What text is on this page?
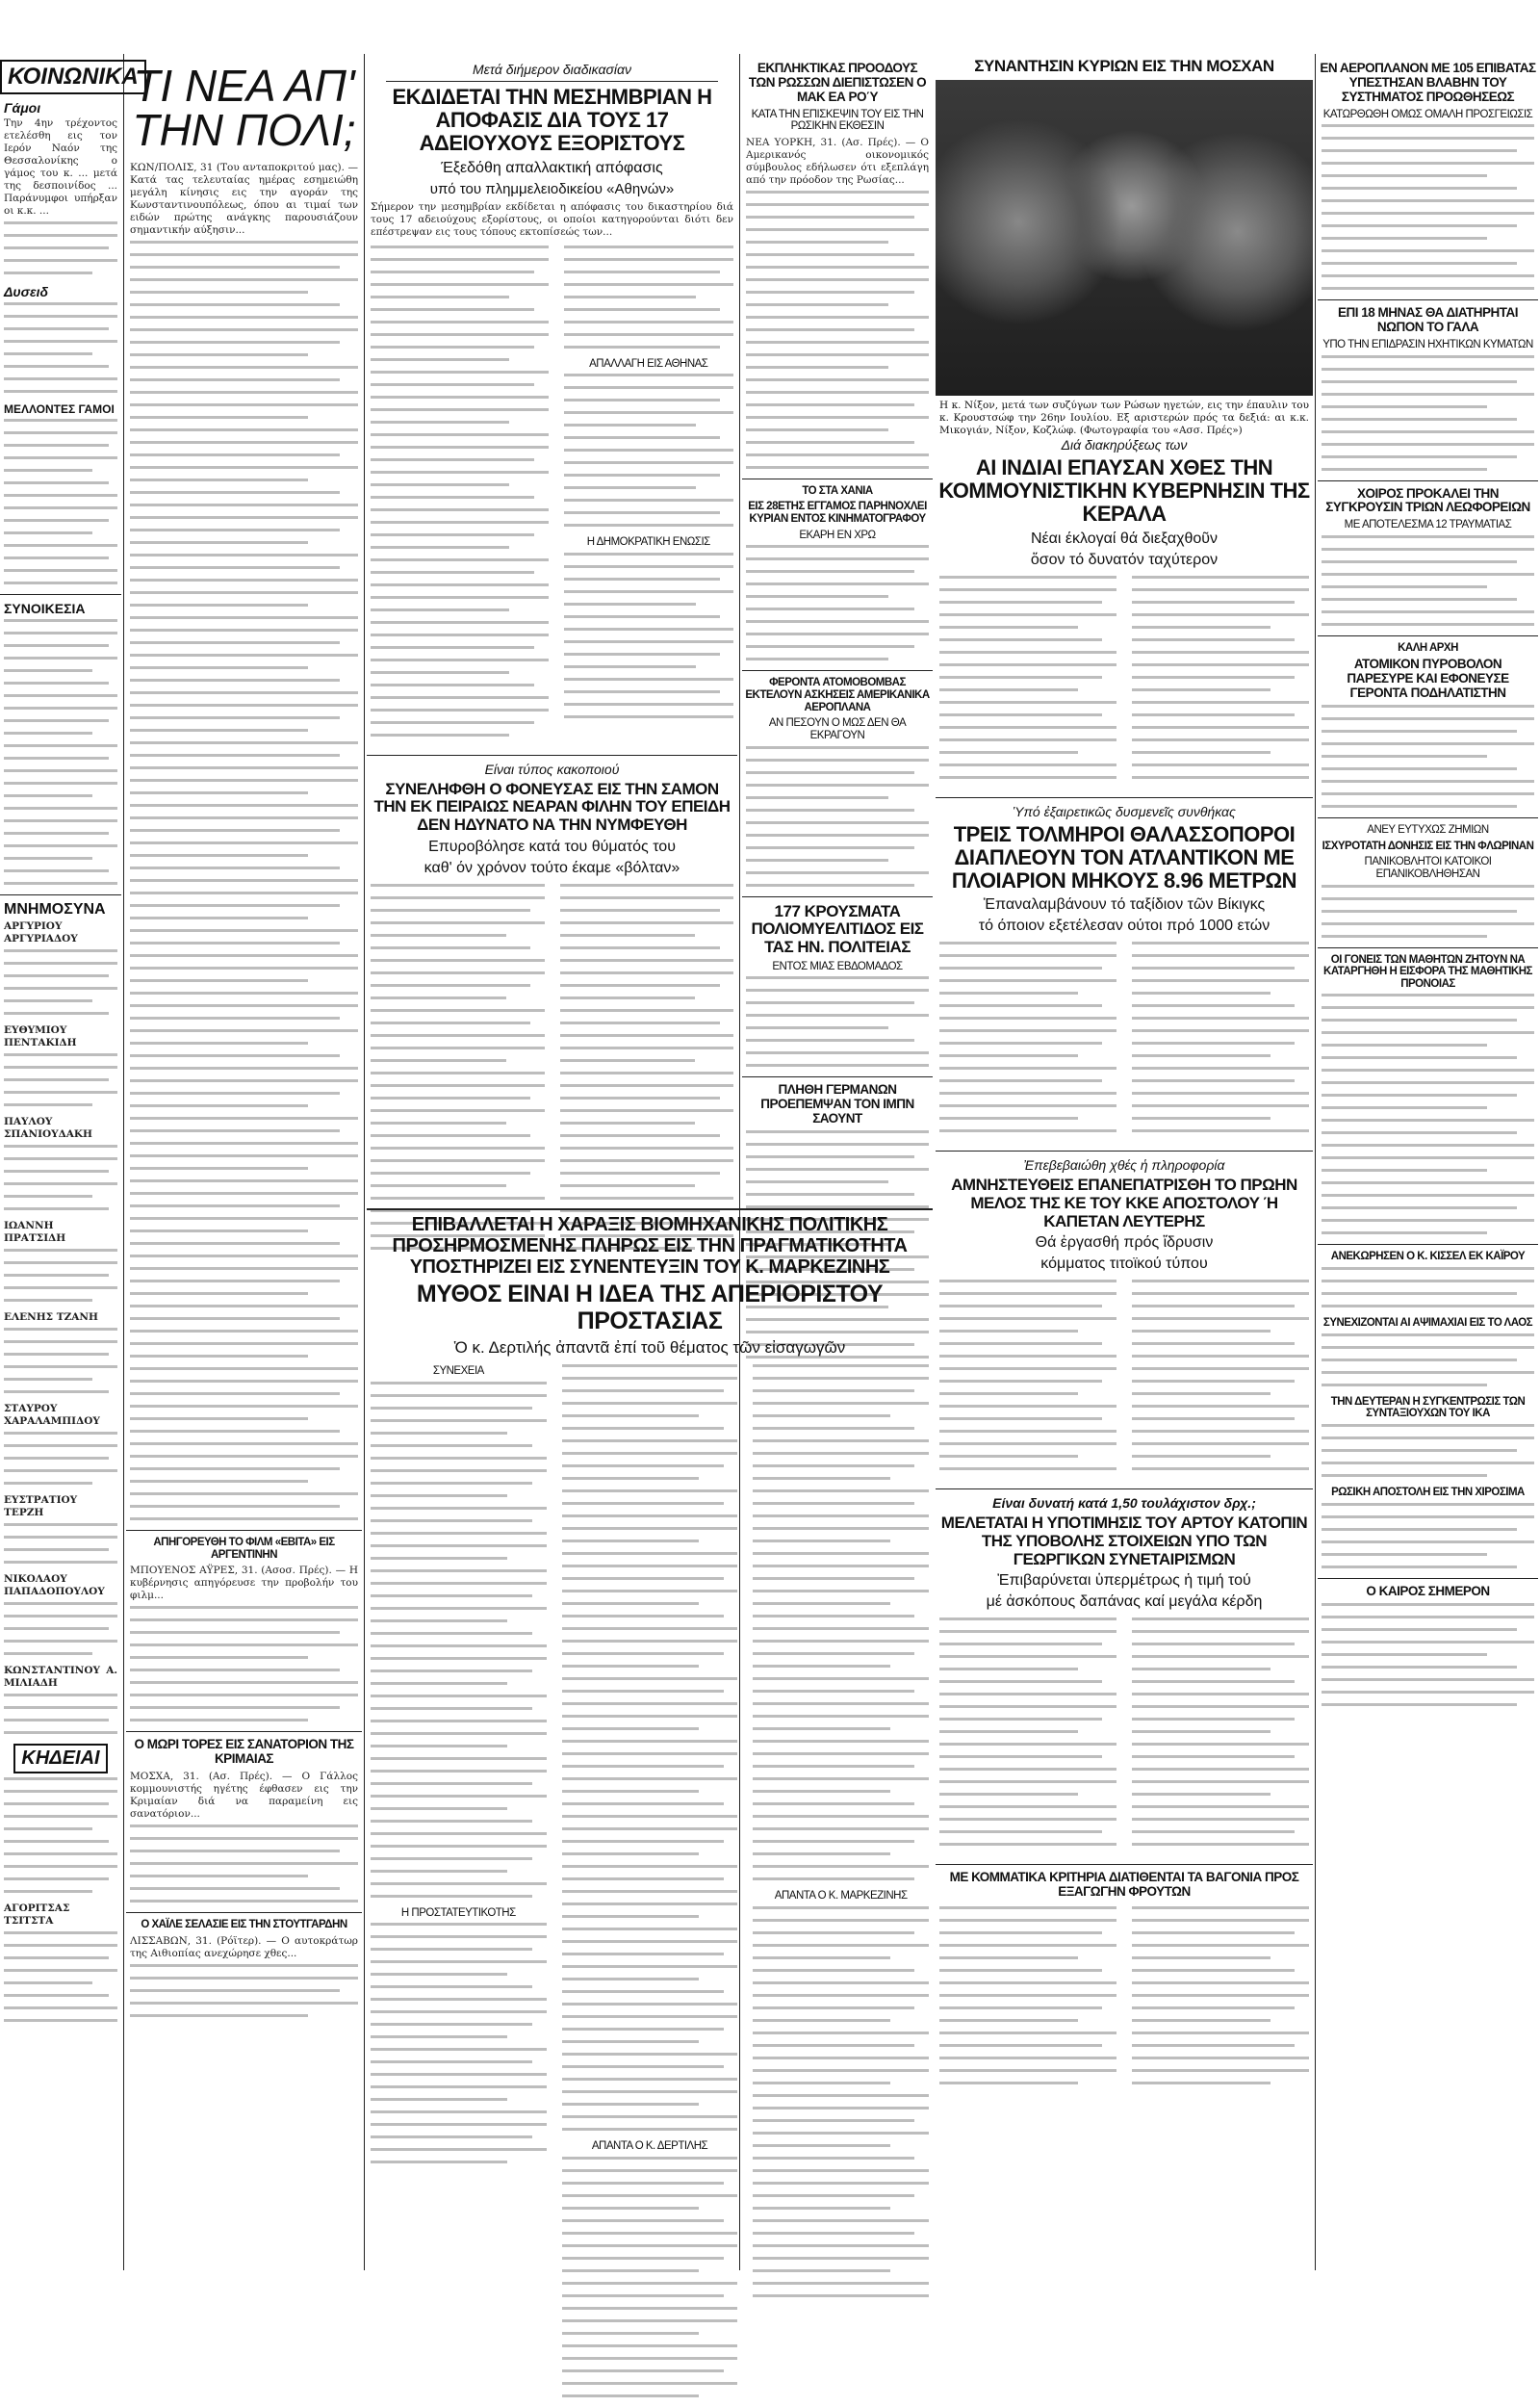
ΚΟΙΝΩΝΙΚΑ
Γάμοι
Την 4ην τρέχοντος ετελέσθη εις τον Ιερόν Ναόν της Θεσσαλονίκης ο γάμος του κ. ... μετά της δεσποινίδος ... Παράνυμφοι υπήρξαν οι κ.κ. ...
Δυσειδ
ΜΕΛΛΟΝΤΕΣ ΓΑΜΟΙ
ΣΥΝΟΙΚΕΣΙΑ
ΜΝΗΜΟΣΥΝΑ
ΑΡΓΥΡΙΟΥ ΑΡΓΥΡΙΑΔΟΥ
ΕΥΘΥΜΙΟΥ ΠΕΝΤΑΚΙΔΗ
ΠΑΥΛΟΥ ΣΠΑΝΙΟΥΔΑΚΗ
ΙΩΑΝΝΗ ΠΡΑΤΣΙΔΗ
ΕΛΕΝΗΣ ΤΖΑΝΗ
ΣΤΑΥΡΟΥ ΧΑΡΑΛΑΜΠΙΔΟΥ
ΕΥΣΤΡΑΤΙΟΥ ΤΕΡΖΗ
ΝΙΚΟΛΑΟΥ ΠΑΠΑΔΟΠΟΥΛΟΥ
ΚΩΝΣΤΑΝΤΙΝΟΥ Α. ΜΙΛΙΑΔΗ
ΚΗΔΕΙΑΙ
ΑΓΟΡΙΤΣΑΣ ΤΣΙΤΣΤΑ
ΤΙ ΝΕΑ ΑΠ' ΤΗΝ ΠΟΛΙ;
ΚΩΝ/ΠΟΛΙΣ, 31 (Του ανταποκριτού μας). — Κατά τας τελευταίας ημέρας εσημειώθη μεγάλη κίνησις εις την αγοράν της Κωνσταντινουπόλεως, όπου αι τιμαί των ειδών πρώτης ανάγκης παρουσιάζουν σημαντικήν αύξησιν...
ΑΠΗΓΟΡΕΥΘΗ ΤΟ ΦΙΛΜ «ΕΒΙΤΑ» ΕΙΣ ΑΡΓΕΝΤΙΝΗΝ
ΜΠΟΥΕΝΟΣ ΑΫΡΕΣ, 31. (Ασοσ. Πρές). — Η κυβέρνησις απηγόρευσε την προβολήν του φιλμ...
Ο ΜΩΡΙ ΤΟΡΕΣ ΕΙΣ ΣΑΝΑΤΟΡΙΟΝ ΤΗΣ ΚΡΙΜΑΙΑΣ
ΜΟΣΧΑ, 31. (Ασ. Πρές). — Ο Γάλλος κομμουνιστής ηγέτης έφθασεν εις την Κριμαίαν διά να παραμείνη εις σανατόριον...
Ο ΧΑΪΛΕ ΣΕΛΑΣΙΕ ΕΙΣ ΤΗΝ ΣΤΟΥΤΓΑΡΔΗΝ
ΛΙΣΣΑΒΩΝ, 31. (Ρόϊτερ). — Ο αυτοκράτωρ της Αιθιοπίας ανεχώρησε χθες...
Μετά διήμερον διαδικασίαν
ΕΚΔΙΔΕΤΑΙ ΤΗΝ ΜΕΣΗΜΒΡΙΑΝ Η ΑΠΟΦΑΣΙΣ ΔΙΑ ΤΟΥΣ 17 ΑΔΕΙΟΥΧΟΥΣ ΕΞΟΡΙΣΤΟΥΣ
Έξεδόθη απαλλακτική απόφασις
υπό του πλημμελειοδικείου «Αθηνών»
Σήμερον την μεσημβρίαν εκδίδεται η απόφασις του δικαστηρίου διά τους 17 αδειούχους εξορίστους, οι οποίοι κατηγορούνται διότι δεν επέστρεψαν εις τους τόπους εκτοπίσεώς των...
ΑΠΑΛΛΑΓΗ ΕΙΣ ΑΘΗΝΑΣ
Η ΔΗΜΟΚΡΑΤΙΚΗ ΕΝΩΣΙΣ
Είναι τύπος κακοποιού
ΣΥΝΕΛΗΦΘΗ Ο ΦΟΝΕΥΣΑΣ ΕΙΣ ΤΗΝ ΣΑΜΟΝ ΤΗΝ ΕΚ ΠΕΙΡΑΙΩΣ ΝΕΑΡΑΝ ΦΙΛΗΝ ΤΟΥ ΕΠΕΙΔΗ ΔΕΝ ΗΔΥΝΑΤΟ ΝΑ ΤΗΝ ΝΥΜΦΕΥΘΗ
Επυροβόλησε κατά του θύματός του
καθ' όν χρόνον τούτο έκαμε «βόλταν»
ΕΚΠΛΗΚΤΙΚΑΣ ΠΡΟΟΔΟΥΣ ΤΩΝ ΡΩΣΣΩΝ ΔΙΕΠΙΣΤΩΣΕΝ Ο ΜΑΚ ΕΑ ΡΟΎ
ΚΑΤΑ ΤΗΝ ΕΠΙΣΚΕΨΙΝ ΤΟΥ ΕΙΣ ΤΗΝ ΡΩΣΙΚΗΝ ΕΚΘΕΣΙΝ
ΝΕΑ ΥΟΡΚΗ, 31. (Ασ. Πρές). — Ο Αμερικανός οικονομικός σύμβουλος εδήλωσεν ότι εξεπλάγη από την πρόοδον της Ρωσίας...
ΤΟ ΣΤΑ ΧΑΝΙΑ
ΕΙΣ 28ΕΤΗΣ ΕΓΓΑΜΟΣ ΠΑΡΗΝΟΧΛΕΙ ΚΥΡΙΑΝ ΕΝΤΟΣ ΚΙΝΗΜΑΤΟΓΡΑΦΟΥ
ΕΚΑΡΗ ΕΝ ΧΡΩ
ΦΕΡΟΝΤΑ ΑΤΟΜΟΒΟΜΒΑΣ ΕΚΤΕΛΟΥΝ ΑΣΚΗΣΕΙΣ ΑΜΕΡΙΚΑΝΙΚΑ ΑΕΡΟΠΛΑΝΑ
ΑΝ ΠΕΣΟΥΝ Ο ΜΩΣ ΔΕΝ ΘΑ ΕΚΡΑΓΟΥΝ
177 ΚΡΟΥΣΜΑΤΑ ΠΟΛΙΟΜΥΕΛΙΤΙΔΟΣ ΕΙΣ ΤΑΣ ΗΝ. ΠΟΛΙΤΕΙΑΣ
ΕΝΤΟΣ ΜΙΑΣ ΕΒΔΟΜΑΔΟΣ
ΠΛΗΘΗ ΓΕΡΜΑΝΩΝ ΠΡΟΕΠΕΜΨΑΝ ΤΟΝ ΙΜΠΝ ΣΑΟΥΝΤ
ΣΥΝΑΝΤΗΣΙΝ ΚΥΡΙΩΝ ΕΙΣ ΤΗΝ ΜΟΣΧΑΝ
Η κ. Νίξον, μετά των συζύγων των Ρώσων ηγετών, εις την έπαυλιν του κ. Κρουστσώφ την 26ην Ιουλίου. Εξ αριστερών πρός τα δεξιά: αι κ.κ. Μικογιάν, Νίξον, Κοζλώφ. (Φωτογραφία του «Ασσ. Πρές»)
Διά διακηρύξεως των
ΑΙ ΙΝΔΙΑΙ ΕΠΑΥΣΑΝ ΧΘΕΣ ΤΗΝ ΚΟΜΜΟΥΝΙΣΤΙΚΗΝ ΚΥΒΕΡΝΗΣΙΝ ΤΗΣ ΚΕΡΑΛΑ
Νέαι έκλογαί θά διεξαχθοῦν
ὅσον τό δυνατόν ταχύτερον
Ὑπό ἐξαιρετικῶς δυσμενεῖς συνθήκας
ΤΡΕΙΣ ΤΟΛΜΗΡΟΙ ΘΑΛΑΣΣΟΠΟΡΟΙ ΔΙΑΠΛΕΟΥΝ ΤΟΝ ΑΤΛΑΝΤΙΚΟΝ ΜΕ ΠΛΟΙΑΡΙΟΝ ΜΗΚΟΥΣ 8.96 ΜΕΤΡΩΝ
Ἐπαναλαμβάνουν τό ταξίδιον τῶν Βίκιγκς
τό όποιον εξετέλεσαν ούτοι πρό 1000 ετών
Ἐπεβεβαιώθη χθές ἡ πληροφορία
ΑΜΝΗΣΤΕΥΘΕΙΣ ΕΠΑΝΕΠΑΤΡΙΣΘΗ ΤΟ ΠΡΩΗΝ ΜΕΛΟΣ ΤΗΣ ΚΕ ΤΟΥ ΚΚΕ ΑΠΟΣΤΟΛΟΥ Ή ΚΑΠΕΤΑΝ ΛΕΥΤΕΡΗΣ
Θά ἐργασθή πρός ἵδρυσιν
κόμματος τιτοϊκού τύπου
Είναι δυνατή κατά 1,50 τουλάχιστον δρχ.;
ΜΕΛΕΤΑΤΑΙ Η ΥΠΟΤΙΜΗΣΙΣ ΤΟΥ ΑΡΤΟΥ ΚΑΤΟΠΙΝ ΤΗΣ ΥΠΟΒΟΛΗΣ ΣΤΟΙΧΕΙΩΝ ΥΠΟ ΤΩΝ ΓΕΩΡΓΙΚΩΝ ΣΥΝΕΤΑΙΡΙΣΜΩΝ
Ἐπιβαρύνεται ὑπερμέτρως ἡ τιμή τού
μέ ἀσκόπους δαπάνας καί μεγάλα κέρδη
ΜΕ ΚΟΜΜΑΤΙΚΑ ΚΡΙΤΗΡΙΑ ΔΙΑΤΙΘΕΝΤΑΙ ΤΑ ΒΑΓΟΝΙΑ ΠΡΟΣ ΕΞΑΓΩΓΗΝ ΦΡΟΥΤΩΝ
ΕΝ ΑΕΡΟΠΛΑΝΟΝ ΜΕ 105 ΕΠΙΒΑΤΑΣ ΥΠΕΣΤΗΣΑΝ ΒΛΑΒΗΝ ΤΟΥ ΣΥΣΤΗΜΑΤΟΣ ΠΡΟΩΘΗΣΕΩΣ
ΚΑΤΩΡΘΩΘΗ ΟΜΩΣ ΟΜΑΛΗ ΠΡΟΣΓΕΙΩΣΙΣ
ΕΠΙ 18 ΜΗΝΑΣ ΘΑ ΔΙΑΤΗΡΗΤΑΙ ΝΩΠΟΝ ΤΟ ΓΑΛΑ
ΥΠΟ ΤΗΝ ΕΠΙΔΡΑΣΙΝ ΗΧΗΤΙΚΩΝ ΚΥΜΑΤΩΝ
ΧΟΙΡΟΣ ΠΡΟΚΑΛΕΙ ΤΗΝ ΣΥΓΚΡΟΥΣΙΝ ΤΡΙΩΝ ΛΕΩΦΟΡΕΙΩΝ
ΜΕ ΑΠΟΤΕΛΕΣΜΑ 12 ΤΡΑΥΜΑΤΙΑΣ
ΚΑΛΗ ΑΡΧΗ
ΑΤΟΜΙΚΟΝ ΠΥΡΟΒΟΛΟΝ ΠΑΡΕΣΥΡΕ ΚΑΙ ΕΦΟΝΕΥΣΕ ΓΕΡΟΝΤΑ ΠΟΔΗΛΑΤΙΣΤΗΝ
ΑΝΕΥ ΕΥΤΥΧΩΣ ΖΗΜΙΩΝ
ΙΣΧΥΡΟΤΑΤΗ ΔΟΝΗΣΙΣ ΕΙΣ ΤΗΝ ΦΛΩΡΙΝΑΝ
ΠΑΝΙΚΟΒΛΗΤΟΙ ΚΑΤΟΙΚΟΙ ΕΠΑΝΙΚΟΒΛΗΘΗΣΑΝ
ΟΙ ΓΟΝΕΙΣ ΤΩΝ ΜΑΘΗΤΩΝ ΖΗΤΟΥΝ ΝΑ ΚΑΤΑΡΓΗΘΗ Η ΕΙΣΦΟΡΑ ΤΗΣ ΜΑΘΗΤΙΚΗΣ ΠΡΟΝΟΙΑΣ
ΑΝΕΚΩΡΗΣΕΝ Ο Κ. ΚΙΣΣΕΛ ΕΚ ΚΑΪΡΟΥ
ΣΥΝΕΧΙΖΟΝΤΑΙ ΑΙ ΑΨΙΜΑΧΙΑΙ ΕΙΣ ΤΟ ΛΑΟΣ
ΤΗΝ ΔΕΥΤΕΡΑΝ Η ΣΥΓΚΕΝΤΡΩΣΙΣ ΤΩΝ ΣΥΝΤΑΞΙΟΥΧΩΝ ΤΟΥ ΙΚΑ
ΡΩΣΙΚΗ ΑΠΟΣΤΟΛΗ ΕΙΣ ΤΗΝ ΧΙΡΟΣΙΜΑ
Ο ΚΑΙΡΟΣ ΣΗΜΕΡΟΝ
ΕΠΙΒΑΛΛΕΤΑΙ Η ΧΑΡΑΞΙΣ ΒΙΟΜΗΧΑΝΙΚΗΣ ΠΟΛΙΤΙΚΗΣ ΠΡΟΣΗΡΜΟΣΜΕΝΗΣ ΠΛΗΡΩΣ ΕΙΣ ΤΗΝ ΠΡΑΓΜΑΤΙΚΟΤΗΤΑ ΥΠΟΣΤΗΡΙΖΕΙ ΕΙΣ ΣΥΝΕΝΤΕΥΞΙΝ ΤΟΥ Κ. ΜΑΡΚΕΖΙΝΗΣ
ΜΥΘΟΣ ΕΙΝΑΙ Η ΙΔΕΑ ΤΗΣ ΑΠΕΡΙΟΡΙΣΤΟΥ ΠΡΟΣΤΑΣΙΑΣ
Ὁ κ. Δερτιλής ἀπαντᾶ ἐπί τοῦ θέματος τῶν εἰσαγωγῶν
ΣΥΝΕΧΕΙΑ
Η ΠΡΟΣΤΑΤΕΥΤΙΚΟΤΗΣ
ΑΠΑΝΤΑ Ο Κ. ΔΕΡΤΙΛΗΣ
ΑΠΑΝΤΑ Ο Κ. ΜΑΡΚΕΖΙΝΗΣ
